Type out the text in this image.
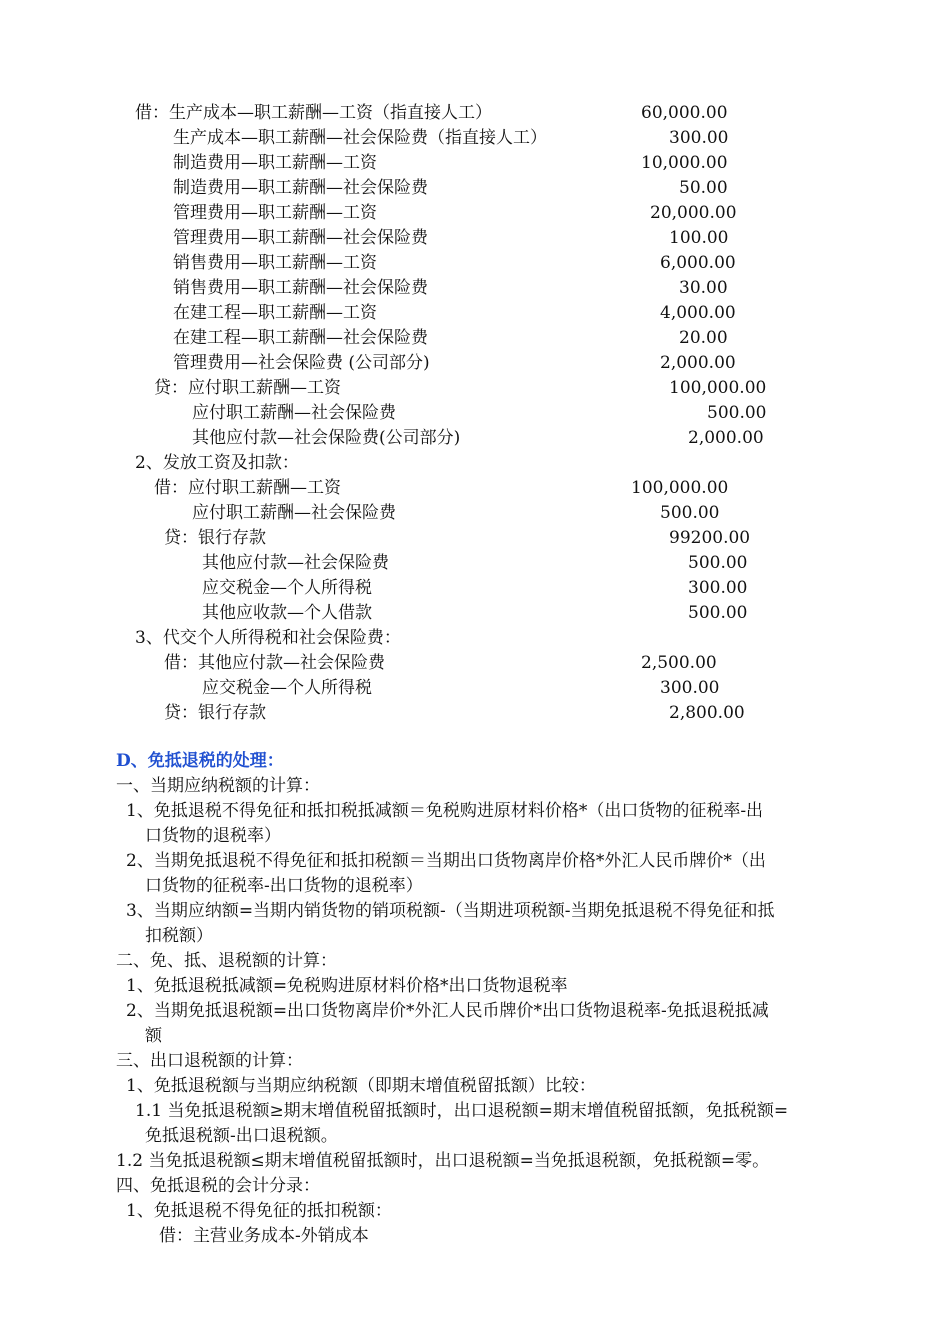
借：生产成本—职工薪酬—工资（指直接人工）	60,000.00
生产成本—职工薪酬—社会保险费（指直接人工）	300.00
制造费用—职工薪酬—工资	10,000.00
制造费用—职工薪酬—社会保险费	50.00
管理费用—职工薪酬—工资	20,000.00
管理费用—职工薪酬—社会保险费	100.00
销售费用—职工薪酬—工资	6,000.00
销售费用—职工薪酬—社会保险费	30.00
在建工程—职工薪酬—工资	4,000.00
在建工程—职工薪酬—社会保险费	20.00
管理费用—社会保险费 (公司部分)	2,000.00
贷：应付职工薪酬—工资	100,000.00
应付职工薪酬—社会保险费	500.00
其他应付款—社会保险费(公司部分)	2,000.00
2、发放工资及扣款：
借：应付职工薪酬—工资	100,000.00
应付职工薪酬—社会保险费	500.00
贷：银行存款	99200.00
其他应付款—社会保险费	500.00
应交税金—个人所得税	300.00
其他应收款—个人借款	500.00
3、代交个人所得税和社会保险费：
借：其他应付款—社会保险费	2,500.00
应交税金—个人所得税	300.00
贷：银行存款	2,800.00
D、免抵退税的处理：
一、当期应纳税额的计算：
1、免抵退税不得免征和抵扣税抵减额＝免税购进原材料价格*（出口货物的征税率-出
口货物的退税率）
2、当期免抵退税不得免征和抵扣税额＝当期出口货物离岸价格*外汇人民币牌价*（出
口货物的征税率-出口货物的退税率）
3、当期应纳额=当期内销货物的销项税额-（当期进项税额-当期免抵退税不得免征和抵
扣税额）
二、免、抵、退税额的计算：
1、免抵退税抵减额=免税购进原材料价格*出口货物退税率
2、当期免抵退税额=出口货物离岸价*外汇人民币牌价*出口货物退税率-免抵退税抵减
额
三、出口退税额的计算：
1、免抵退税额与当期应纳税额（即期末增值税留抵额）比较：
1.1 当免抵退税额≥期末增值税留抵额时，出口退税额=期末增值税留抵额，免抵税额=
免抵退税额-出口退税额。
1.2 当免抵退税额≤期末增值税留抵额时，出口退税额=当免抵退税额，免抵税额=零。
四、免抵退税的会计分录：
1、免抵退税不得免征的抵扣税额：
借：主营业务成本-外销成本
